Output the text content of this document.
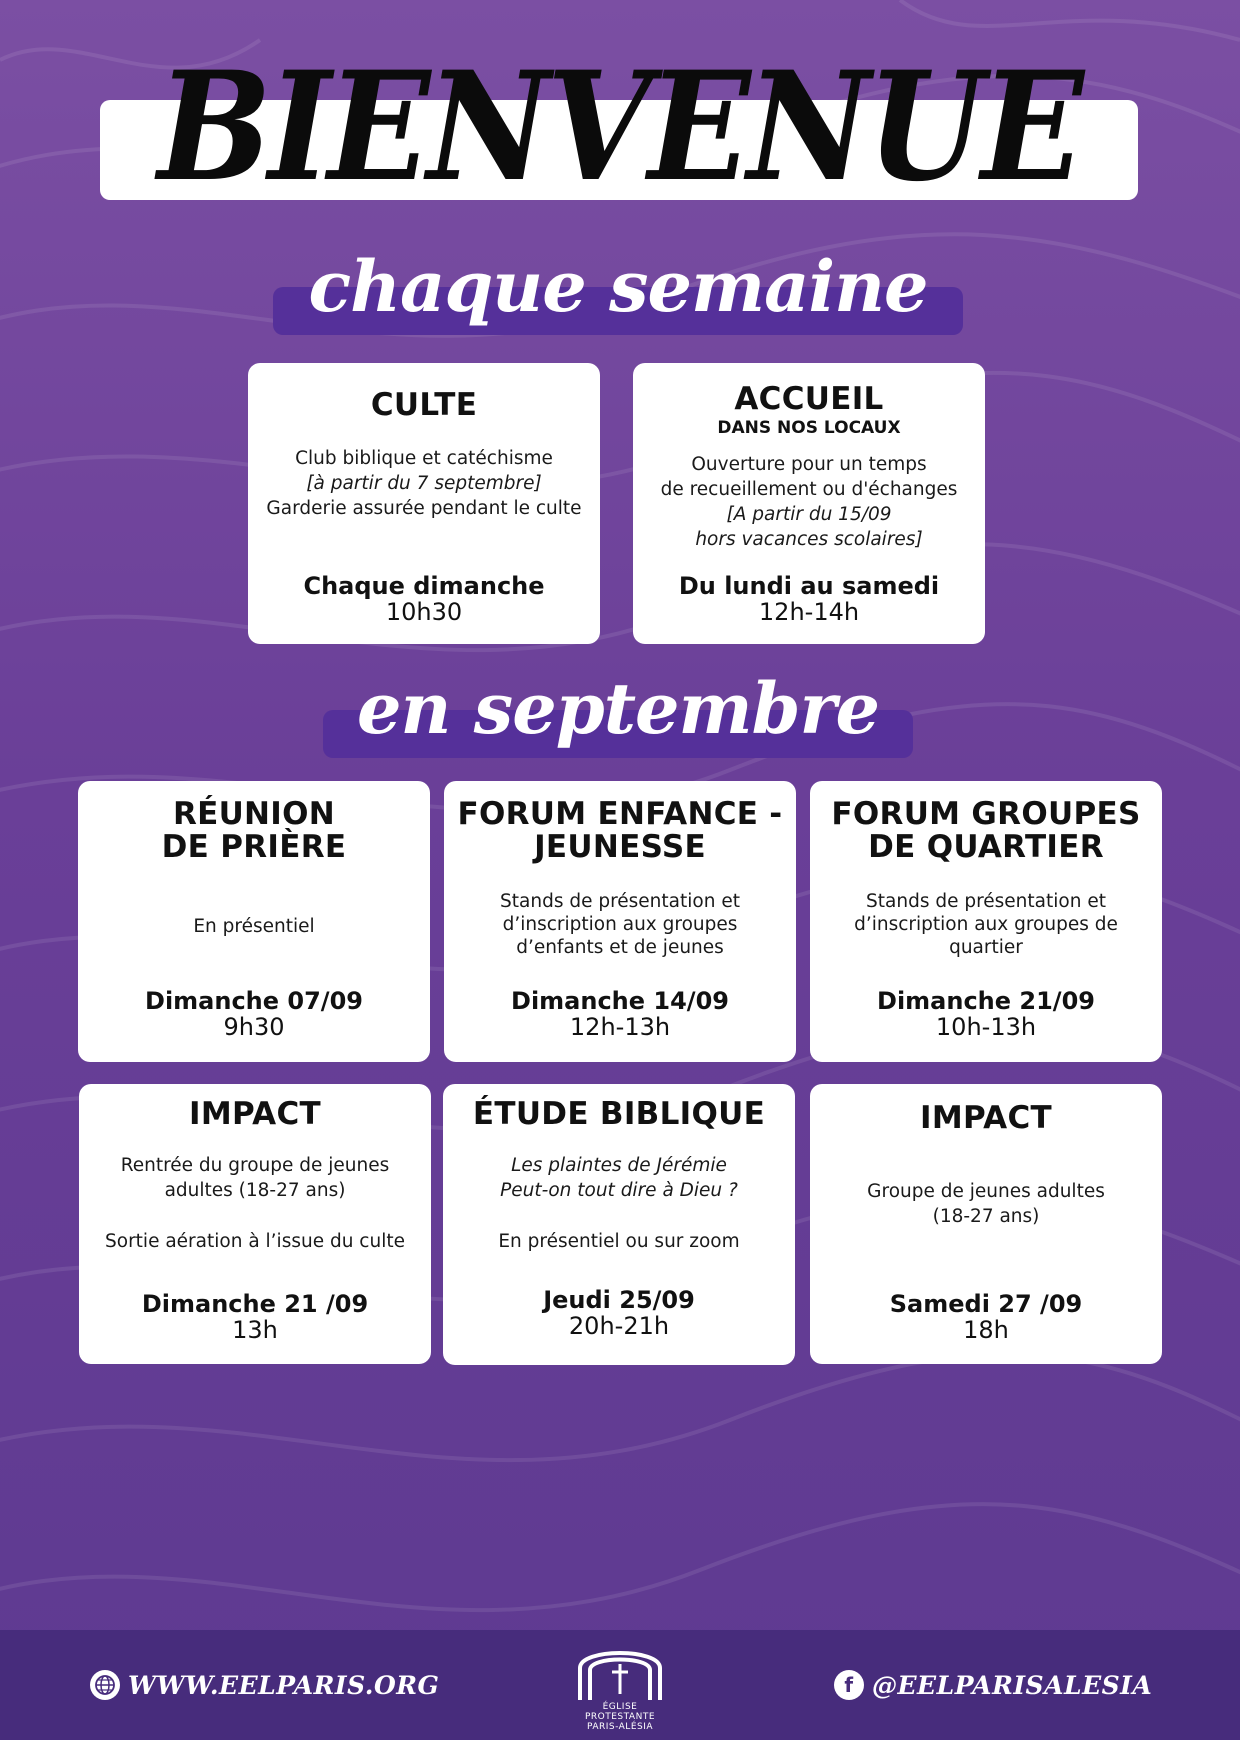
BIENVENUE
chaque semaine
CULTE
Club biblique et catéchisme
[à partir du 7 septembre]
Garderie assurée pendant le culte
Chaque dimanche
10h30
ACCUEIL
DANS NOS LOCAUX
Ouverture pour un temps
de recueillement ou d'échanges
[A partir du 15/09
hors vacances scolaires]
Du lundi au samedi
12h-14h
en septembre
RÉUNION
DE PRIÈRE
En présentiel
Dimanche 07/09
9h30
FORUM ENFANCE -
JEUNESSE
Stands de présentation et
d’inscription aux groupes
d’enfants et de jeunes
Dimanche 14/09
12h-13h
FORUM GROUPES
DE QUARTIER
Stands de présentation et
d’inscription aux groupes de
quartier
Dimanche 21/09
10h-13h
IMPACT
Rentrée du groupe de jeunes
adultes (18-27 ans)
Sortie aération à l’issue du culte
Dimanche 21 /09
13h
ÉTUDE BIBLIQUE
Les plaintes de Jérémie
Peut-on tout dire à Dieu ?
En présentiel ou sur zoom
Jeudi 25/09
20h-21h
IMPACT
Groupe de jeunes adultes
(18-27 ans)
Samedi 27 /09
18h
WWW.EELPARIS.ORG
ÉGLISE
PROTESTANTE
PARIS-ALÉSIA
f @EELPARISALESIA
